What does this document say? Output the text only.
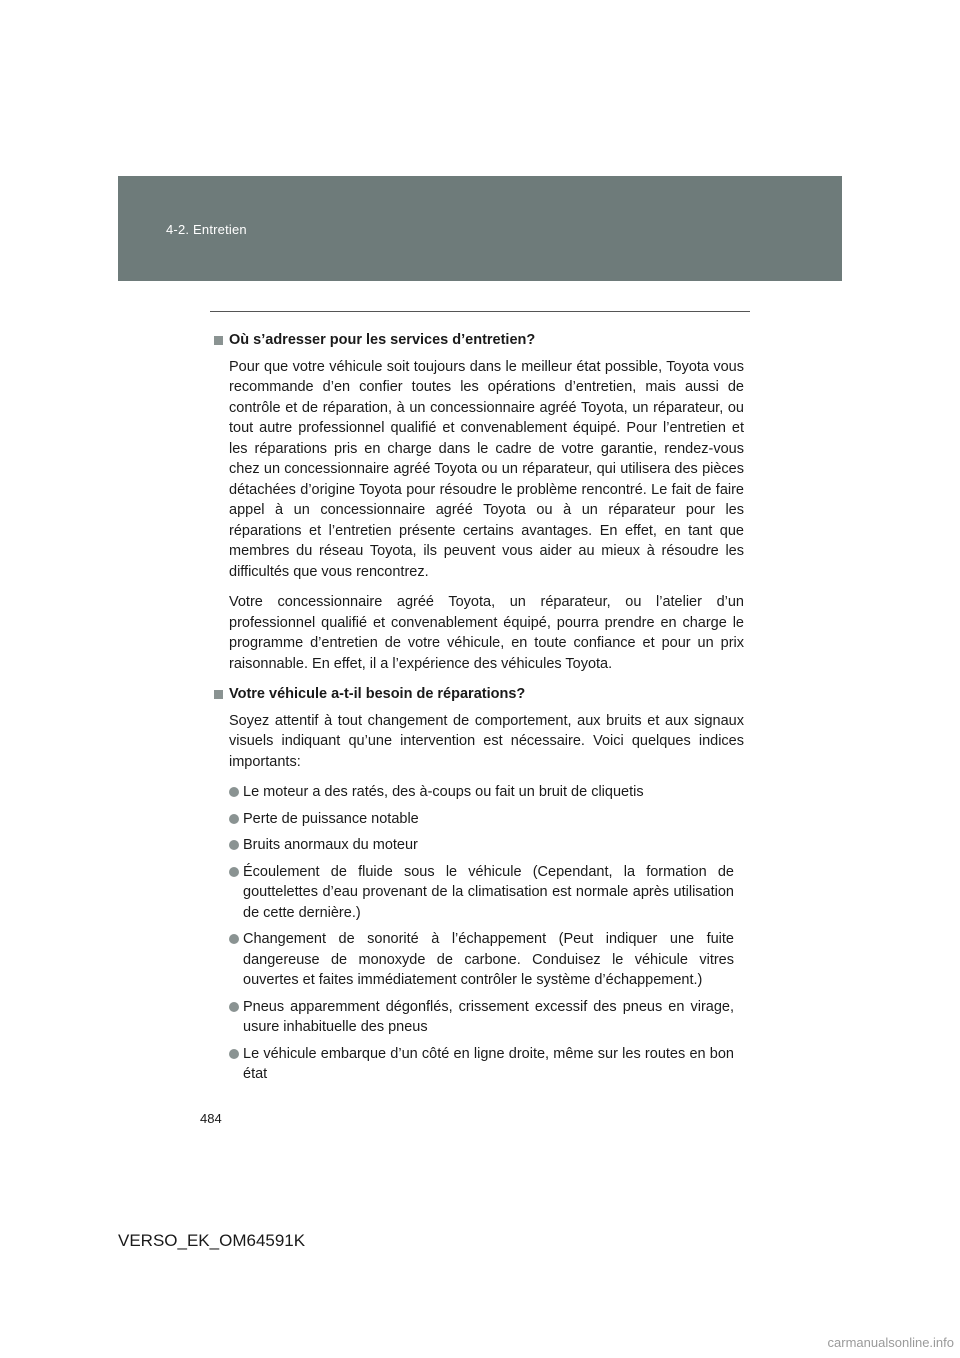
4-2. Entretien
Où s’adresser pour les services d’entretien?

Pour que votre véhicule soit toujours dans le meilleur état possible, Toyota vous recommande d’en confier toutes les opérations d’entretien, mais aussi de contrôle et de réparation, à un concessionnaire agréé Toyota, un réparateur, ou tout autre professionnel qualifié et convenablement équipé. Pour l’entretien et les réparations pris en charge dans le cadre de votre garantie, rendez-vous chez un concessionnaire agréé Toyota ou un réparateur, qui utilisera des pièces détachées d’origine Toyota pour résoudre le problème rencontré. Le fait de faire appel à un concessionnaire agréé Toyota ou à un réparateur pour les réparations et l’entretien présente certains avantages. En effet, en tant que membres du réseau Toyota, ils peuvent vous aider au mieux à résoudre les difficultés que vous rencontrez.

Votre concessionnaire agréé Toyota, un réparateur, ou l’atelier d’un professionnel qualifié et convenablement équipé, pourra prendre en charge le programme d’entretien de votre véhicule, en toute confiance et pour un prix raisonnable. En effet, il a l’expérience des véhicules Toyota.

Votre véhicule a-t-il besoin de réparations?

Soyez attentif à tout changement de comportement, aux bruits et aux signaux visuels indiquant qu’une intervention est nécessaire. Voici quelques indices importants:

Le moteur a des ratés, des à-coups ou fait un bruit de cliquetis
Perte de puissance notable
Bruits anormaux du moteur
Écoulement de fluide sous le véhicule (Cependant, la formation de gouttelettes d’eau provenant de la climatisation est normale après utilisation de cette dernière.)
Changement de sonorité à l’échappement (Peut indiquer une fuite dangereuse de monoxyde de carbone. Conduisez le véhicule vitres ouvertes et faites immédiatement contrôler le système d’échappement.)
Pneus apparemment dégonflés, crissement excessif des pneus en virage, usure inhabituelle des pneus
Le véhicule embarque d’un côté en ligne droite, même sur les routes en bon état
484
VERSO_EK_OM64591K
carmanualsonline.info
